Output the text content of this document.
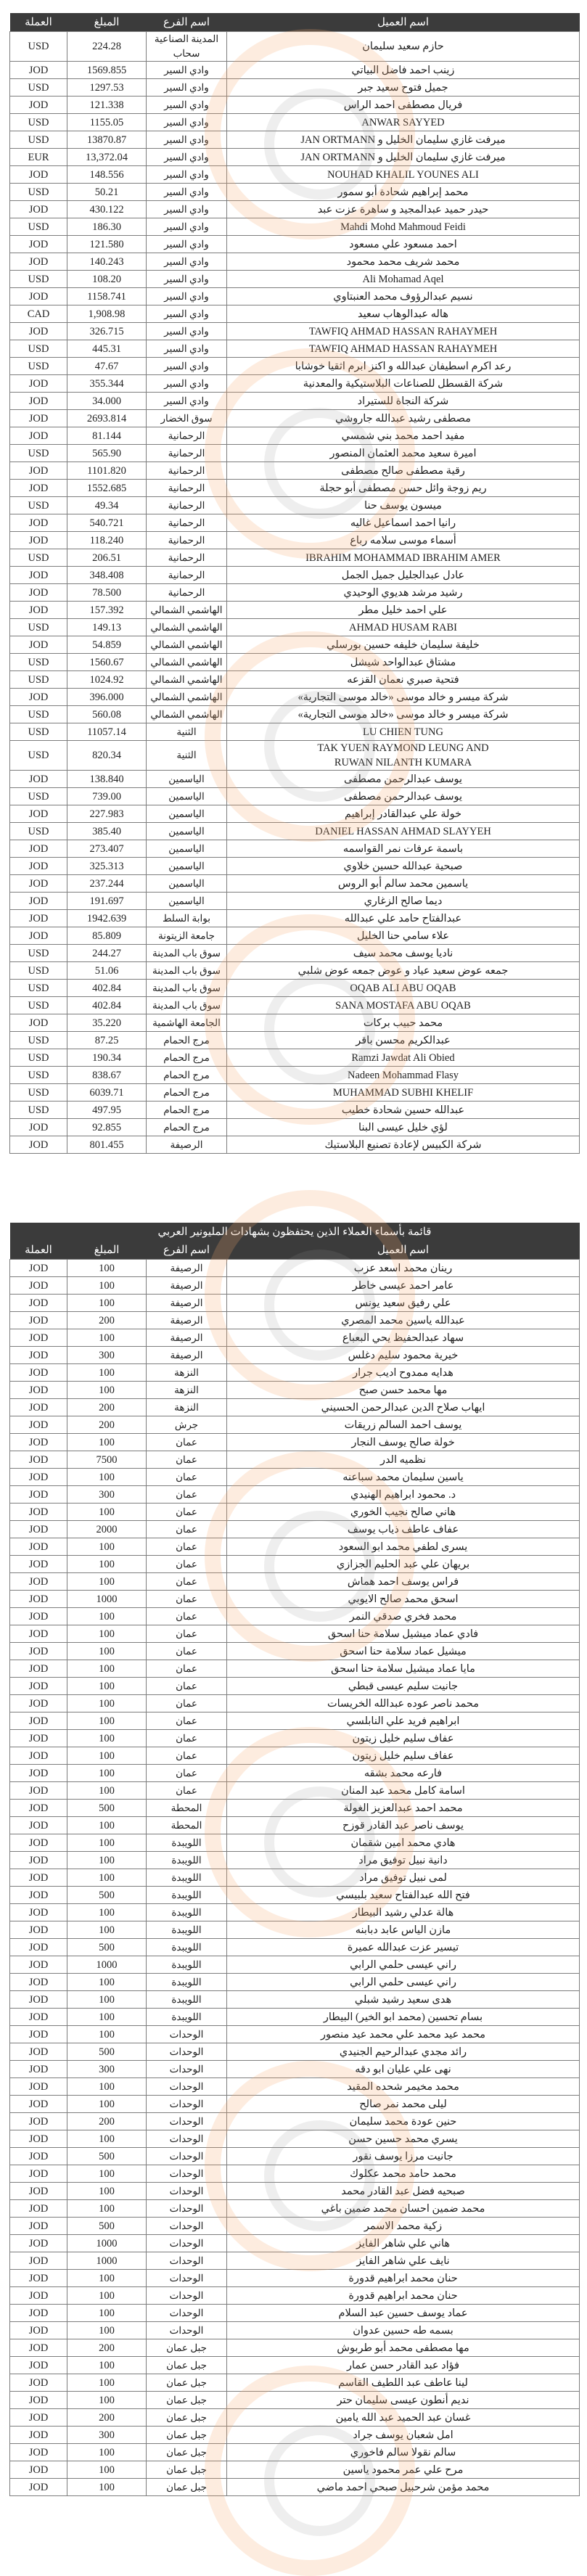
اسم العميل	اسم الفرع	المبلغ	العملة
حازم سعيد سليمان	المدينة الصناعية سحاب	224.28	USD
زينب احمد فاضل البياتي	وادي السير	1569.855	JOD
جميل فتوح سعيد جبر	وادي السير	1297.53	USD
فريال مصطفى احمد الراس	وادي السير	121.338	JOD
ANWAR SAYYED	وادي السير	1155.05	USD
ميرفت غازي سليمان الخليل و JAN ORTMANN	وادي السير	13870.87	USD
ميرفت غازي سليمان الخليل و JAN ORTMANN	وادي السير	13,372.04	EUR
NOUHAD KHALIL YOUNES ALI	وادي السير	148.556	JOD
محمد إبراهيم شحادة أبو سمور	وادي السير	50.21	USD
حيدر حميد عبدالمجيد و ساهرة عزت عبد	وادي السير	430.122	JOD
Mahdi Mohd Mahmoud Feidi	وادي السير	186.30	USD
احمد مسعود علي مسعود	وادي السير	121.580	JOD
محمد شريف محمد محمود	وادي السير	140.243	JOD
Ali Mohamad Aqel	وادي السير	108.20	USD
نسيم عبدالرؤوف محمد العنبتاوي	وادي السير	1158.741	JOD
هاله عبدالوهاب سعيد	وادي السير	1,908.98	CAD
TAWFIQ AHMAD HASSAN RAHAYMEH	وادي السير	326.715	JOD
TAWFIQ AHMAD HASSAN RAHAYMEH	وادي السير	445.31	USD
رعد اكرم اسطيفان عبدالله و اكنز ابرم اثقيا خوشابا	وادي السير	47.67	USD
شركة القسطل للصناعات البلاستيكية والمعدنية	وادي السير	355.344	JOD
شركة النجاة للستيراد	وادي السير	34.000	JOD
مصطفى رشيد عبدالله جاروشي	سوق الخضار	2693.814	JOD
مفيد احمد محمد بني شمسي	الرحمانية	81.144	JOD
اميرة سعيد محمد العثمان المنصور	الرحمانية	565.90	USD
رقية مصطفى صالح مصطفى	الرحمانية	1101.820	JOD
ريم زوجة وائل حسن مصطفى أبو حجلة	الرحمانية	1552.685	JOD
ميسون يوسف حنا	الرحمانية	49.34	USD
رانيا احمد اسماعيل غاليه	الرحمانية	540.721	JOD
أسماء موسى سلامه رباع	الرحمانية	118.240	JOD
IBRAHIM MOHAMMAD IBRAHIM AMER	الرحمانية	206.51	USD
عادل عبدالجليل جميل الجمل	الرحمانية	348.408	JOD
رشيد مرشد هديوي الوحيدي	الرحمانية	78.500	JOD
علي احمد خليل مطر	الهاشمي الشمالي	157.392	JOD
AHMAD HUSAM RABI	الهاشمي الشمالي	149.13	USD
خليفة سليمان خليفه حسين بورسلي	الهاشمي الشمالي	54.859	JOD
مشتاق عبدالواحد شيشل	الهاشمي الشمالي	1560.67	USD
فتحية صبري نعمان القزعه	الهاشمي الشمالي	1024.92	USD
شركة ميسر و خالد موسى «خالد موسى التجارية»	الهاشمي الشمالي	396.000	JOD
شركة ميسر و خالد موسى «خالد موسى التجارية»	الهاشمي الشمالي	560.08	USD
LU CHIEN TUNG	الثنية	11057.14	USD
TAK YUEN RAYMOND LEUNG AND
RUWAN NILANTH KUMARA	الثنية	820.34	USD
يوسف عبدالرحمن مصطفى	الياسمين	138.840	JOD
يوسف عبدالرحمن مصطفى	الياسمين	739.00	USD
خولة علي عبدالقادر إبراهيم	الياسمين	227.983	JOD
DANIEL HASSAN AHMAD SLAYYEH	الياسمين	385.40	USD
باسمة عرفات نمر القواسمه	الياسمين	273.407	JOD
صبحية عبدالله حسين خلاوي	الياسمين	325.313	JOD
ياسمين محمد سالم أبو الروس	الياسمين	237.244	JOD
ديما صالح الزغاري	الياسمين	191.697	JOD
عبدالفتاح حامد علي عبدالله	بوابة السلط	1942.639	JOD
علاء سامي حنا الخليل	جامعة الزيتونة	85.809	JOD
ناديا يوسف محمد سيف	سوق باب المدينة	244.27	USD
جمعه عوض سعيد عياد و عوض جمعه عوض شلبي	سوق باب المدينة	51.06	USD
OQAB ALI ABU OQAB	سوق باب المدينة	402.84	USD
SANA MOSTAFA ABU OQAB	سوق باب المدينة	402.84	USD
محمد حبيب بركات	الجامعة الهاشمية	35.220	JOD
عبدالكريم محسن باقر	مرج الحمام	87.25	USD
Ramzi Jawdat Ali Obied	مرج الحمام	190.34	USD
Nadeen Mohammad Flasy	مرج الحمام	838.67	USD
MUHAMMAD SUBHI KHELIF	مرج الحمام	6039.71	USD
عبدالله حسين شحادة خطيب	مرج الحمام	497.95	USD
لؤي خليل عيسى البنا	مرج الحمام	92.855	JOD
شركة الكبيس لإعادة تصنيع البلاستيك	الرصيفة	801.455	JOD
قائمة بأسماء العملاء الذين يحتفظون بشهادات المليونير العربي			
اسم العميل	اسم الفرع	المبلغ	العملة
رينان محمد اسعد عزب	الرصيفة	100	JOD
عامر احمد عيسى خاطر	الرصيفة	100	JOD
علي رفيق سعيد يونس	الرصيفة	100	JOD
عبدالله ياسين محمد المصري	الرصيفة	200	JOD
سهاد عبدالحفيظ يحي البعباع	الرصيفة	100	JOD
خيرية محمود سليم دغلس	الرصيفة	300	JOD
هدايه ممدوح اديب جرار	النزهة	100	JOD
مها محمد حسن صبح	النزهة	100	JOD
ايهاب صلاح الدين عبدالرحمن الحسيني	النزهة	200	JOD
يوسف احمد السالم زريقات	جرش	200	JOD
خولة صالح يوسف النجار	عمان	100	JOD
نظميه الدر	عمان	7500	JOD
ياسين سليمان محمد سباعنه	عمان	100	JOD
د. محمود ابراهيم الهنيدي	عمان	300	JOD
هاني صالح نجيب الخوري	عمان	100	JOD
عفاف عاطف ذياب يوسف	عمان	2000	JOD
يسرى لطفي محمد ابو السعود	عمان	100	JOD
بريهان علي عبد الحليم الجزازي	عمان	100	JOD
فراس يوسف احمد هماش	عمان	100	JOD
اسحق محمد صالح الايوبي	عمان	1000	JOD
محمد فخري صدقي النمر	عمان	100	JOD
فادي عماد ميشيل سلامة حنا اسحق	عمان	100	JOD
ميشيل عماد سلامة حنا اسحق	عمان	100	JOD
مايا عماد ميشيل سلامة حنا اسحق	عمان	100	JOD
جانيت سليم عيسى قبطي	عمان	100	JOD
محمد ناصر عوده عبدالله الخريسات	عمان	100	JOD
ابراهيم فريد علي النابلسي	عمان	100	JOD
عفاف سليم خليل زيتون	عمان	100	JOD
عفاف سليم خليل زيتون	عمان	100	JOD
فارعه محمد بشقه	عمان	100	JOD
اسامة كامل محمد عبد المنان	عمان	100	JOD
محمد احمد عبدالعزيز الغولة	المحطة	500	JOD
يوسف ناصر عبد القادر قوزح	المحطة	100	JOD
هادي محمد امين شقمان	اللويبدة	100	JOD
دانية نبيل توفيق مراد	اللويبدة	100	JOD
لمى نبيل توفيق مراد	اللويبدة	100	JOD
فتح الله عبدالفتاح سعيد بلبيسي	اللويبدة	500	JOD
هالة عدلي رشيد البيطار	اللويبدة	100	JOD
مازن الياس عابد دبابنه	اللويبدة	100	JOD
تيسير عزت عبدالله عميرة	اللويبدة	500	JOD
راني عيسى حلمي الرابي	اللويبدة	1000	JOD
راني عيسى حلمي الرابي	اللويبدة	100	JOD
هدى سعيد رشيد شبلي	اللويبدة	100	JOD
بسام تحسين (محمد ابو الخير) البيطار	اللويبدة	100	JOD
محمد عيد محمد علي محمد عيد منصور	الوحدات	100	JOD
رائد مجدي عبدالرحيم الجنيدي	الوحدات	500	JOD
نهى علي عليان ابو دقه	الوحدات	300	JOD
محمد مخيمر شحده المقيد	الوحدات	100	JOD
ليلى محمد نمر صالح	الوحدات	100	JOD
حنين عودة محمد سليمان	الوحدات	200	JOD
يسري محمد حسين حسن	الوحدات	100	JOD
جانيت مرزا يوسف نقور	الوحدات	500	JOD
محمد حامد محمد عكلوك	الوحدات	100	JOD
صبحيه فضل عبد القادر محمد	الوحدات	100	JOD
محمد ضمين احسان محمد ضمين باغي	الوحدات	100	JOD
زكية محمد الاسمر	الوحدات	500	JOD
هاني علي شاهر الفايز	الوحدات	1000	JOD
نايف علي شاهر الفايز	الوحدات	1000	JOD
حنان محمد ابراهيم قدورة	الوحدات	100	JOD
حنان محمد ابراهيم قدورة	الوحدات	100	JOD
عماد يوسف حسين عبد السلام	الوحدات	100	JOD
بسمه طه حسين عدوان	الوحدات	100	JOD
مها مصطفى محمد أبو طربوش	جبل عمان	200	JOD
فؤاد عبد القادر حسن عمار	جبل عمان	100	JOD
لينا عاطف عبد اللطيف القاسم	جبل عمان	100	JOD
نديم أنطون عيسى سليمان حتر	جبل عمان	100	JOD
غسان عبد الحميد عبد الله يامين	جبل عمان	200	JOD
امل شعبان يوسف جراد	جبل عمان	300	JOD
سالم نقولا سالم فاخوري	جبل عمان	100	JOD
مرح علي عمر محمود ياسين	جبل عمان	100	JOD
محمد مؤمن شرحبيل صبحي احمد ماضي	جبل عمان	100	JOD
